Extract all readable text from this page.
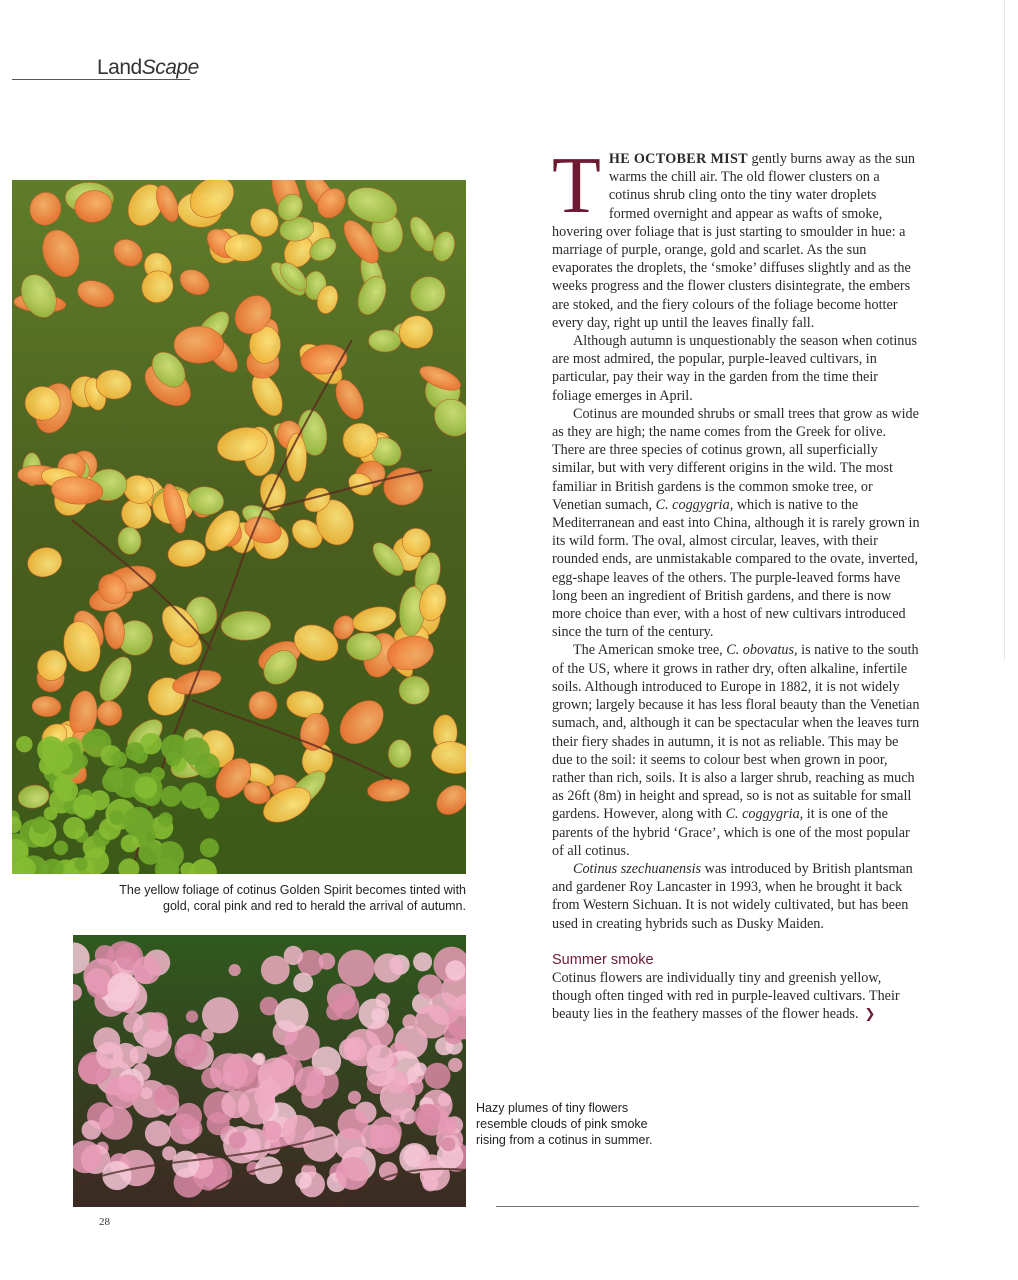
LandScape
The yellow foliage of cotinus Golden Spirit becomes tinted with gold, coral pink and red to herald the arrival of autumn.
Hazy plumes of tiny flowers resemble clouds of pink smoke rising from a cotinus in summer.

THE OCTOBER MIST gently burns away as the sun warms the chill air. The old flower clusters on a cotinus shrub cling onto the tiny water droplets formed overnight and appear as wafts of smoke, hovering over foliage that is just starting to smoulder in hue: a marriage of purple, orange, gold and scarlet. As the sun evaporates the droplets, the ‘smoke’ diffuses slightly and as the weeks progress and the flower clusters disintegrate, the embers are stoked, and the fiery colours of the foliage become hotter every day, right up until the leaves finally fall.

Although autumn is unquestionably the season when cotinus are most admired, the popular, purple-leaved cultivars, in particular, pay their way in the garden from the time their foliage emerges in April.

Cotinus are mounded shrubs or small trees that grow as wide as they are high; the name comes from the Greek for olive. There are three species of cotinus grown, all superficially similar, but with very different origins in the wild. The most familiar in British gardens is the common smoke tree, or Venetian sumach, C. coggygria, which is native to the Mediterranean and east into China, although it is rarely grown in its wild form. The oval, almost circular, leaves, with their rounded ends, are unmistakable compared to the ovate, inverted, egg-shape leaves of the others. The purple-leaved forms have long been an ingredient of British gardens, and there is now more choice than ever, with a host of new cultivars introduced since the turn of the century.

The American smoke tree, C. obovatus, is native to the south of the US, where it grows in rather dry, often alkaline, infertile soils. Although introduced to Europe in 1882, it is not widely grown; largely because it has less floral beauty than the Venetian sumach, and, although it can be spectacular when the leaves turn their fiery shades in autumn, it is not as reliable. This may be due to the soil: it seems to colour best when grown in poor, rather than rich, soils. It is also a larger shrub, reaching as much as 26ft (8m) in height and spread, so is not as suitable for small gardens. However, along with C. coggygria, it is one of the parents of the hybrid ‘Grace’, which is one of the most popular of all cotinus.

Cotinus szechuanensis was introduced by British plantsman and gardener Roy Lancaster in 1993, when he brought it back from Western Sichuan. It is not widely cultivated, but has been used in creating hybrids such as Dusky Maiden.

Summer smoke

Cotinus flowers are individually tiny and greenish yellow, though often tinged with red in purple-leaved cultivars. Their beauty lies in the feathery masses of the flower heads. ❯

28
